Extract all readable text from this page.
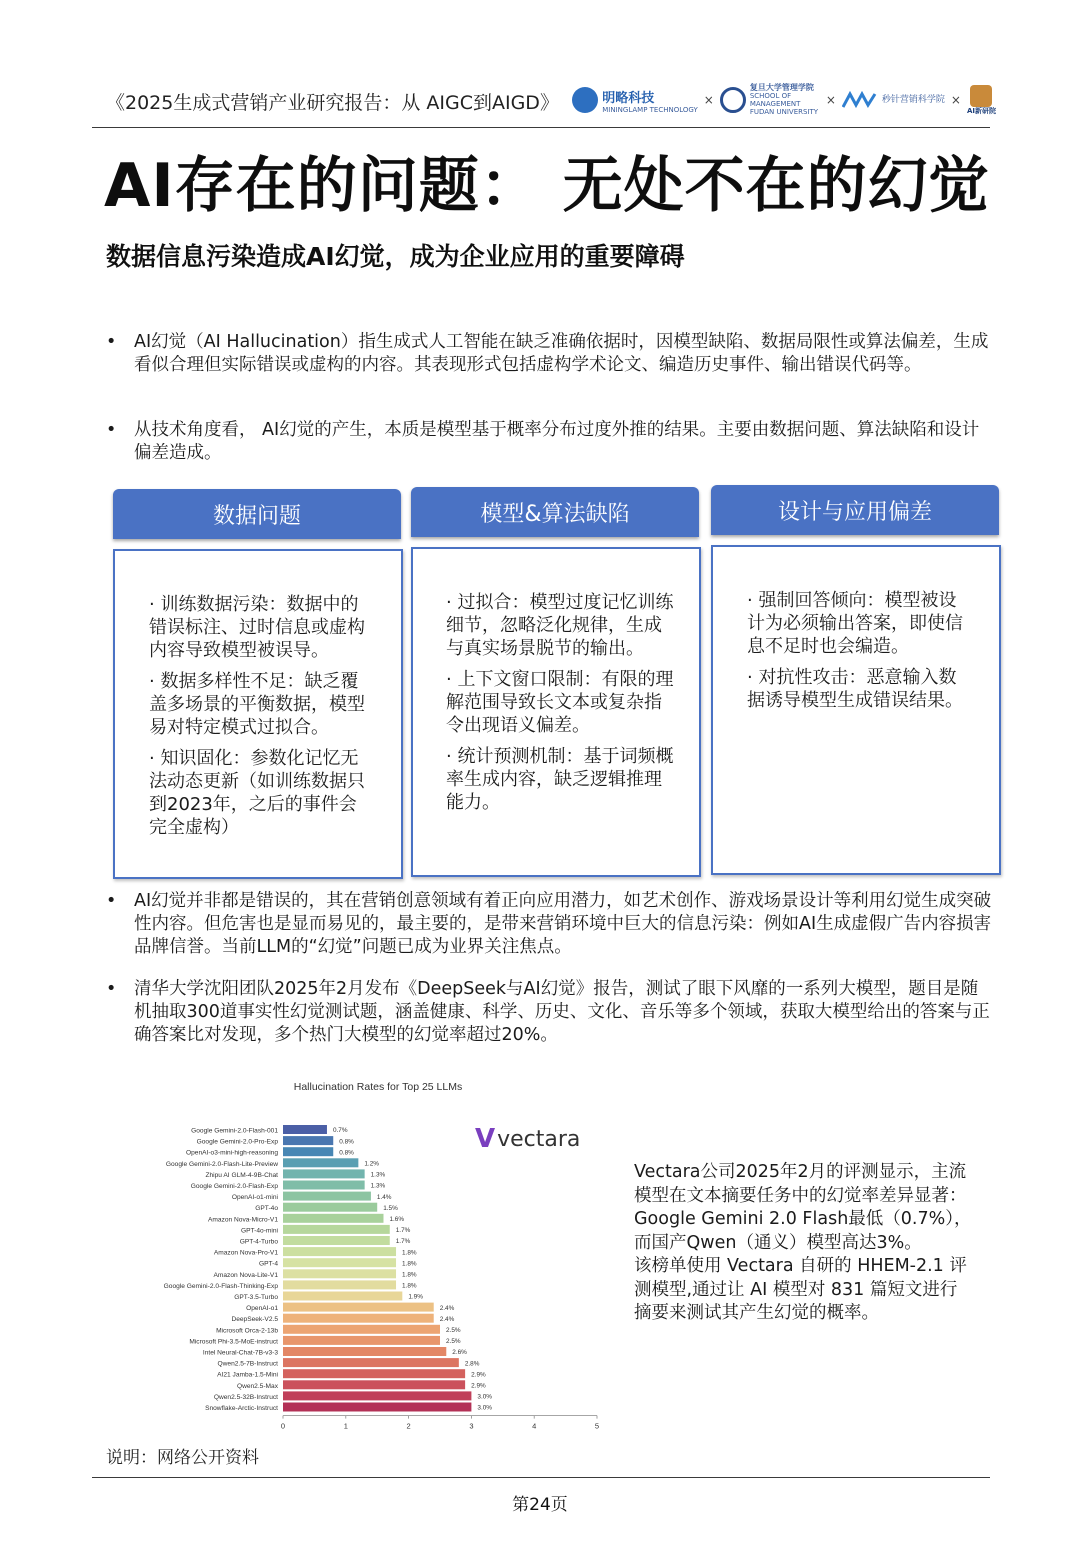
《2025生成式营销产业研究报告：从 AIGC到AIGD》	明略科技
MININGLAMP TECHNOLOGY
×
复旦大学管理学院
SCHOOL OF MANAGEMENT FUDAN UNIVERSITY
×	秒针营销科学院 ×
AI新研院
AI存在的问题： 无处不在的幻觉
数据信息污染造成AI幻觉，成为企业应用的重要障碍
• AI幻觉（AI Hallucination）指生成式人工智能在缺乏准确依据时，因模型缺陷、数据局限性或算法偏差，生成看似合理但实际错误或虚构的内容。其表现形式包括虚构学术论文、编造历史事件、输出错误代码等。
• 从技术角度看， AI幻觉的产生，本质是模型基于概率分布过度外推的结果。主要由数据问题、算法缺陷和设计偏差造成。
数据问题	模型&算法缺陷	设计与应用偏差
· 训练数据污染：数据中的错误标注、过时信息或虚构内容导致模型被误导。
· 数据多样性不足：缺乏覆盖多场景的平衡数据，模型易对特定模式过拟合。
· 知识固化：参数化记忆无法动态更新（如训练数据只到2023年，之后的事件会完全虚构）
· 过拟合：模型过度记忆训练细节，忽略泛化规律，生成与真实场景脱节的输出。
· 上下文窗口限制：有限的理解范围导致长文本或复杂指令出现语义偏差。
· 统计预测机制：基于词频概率生成内容，缺乏逻辑推理能力。
· 强制回答倾向：模型被设计为必须输出答案，即使信息不足时也会编造。
· 对抗性攻击：恶意输入数据诱导模型生成错误结果。
• AI幻觉并非都是错误的，其在营销创意领域有着正向应用潜力，如艺术创作、游戏场景设计等利用幻觉生成突破性内容。但危害也是显而易见的，最主要的，是带来营销环境中巨大的信息污染：例如AI生成虚假广告内容损害品牌信誉。当前LLM的“幻觉”问题已成为业界关注焦点。
• 清华大学沈阳团队2025年2月发布《DeepSeek与AI幻觉》报告，测试了眼下风靡的一系列大模型，题目是随机抽取300道事实性幻觉测试题，涵盖健康、科学、历史、文化、音乐等多个领域，获取大模型给出的答案与正确答案比对发现，多个热门大模型的幻觉率超过20%。
Hallucination Rates for Top 25 LLMs
Google Gemini-2.0-Flash-001	0.7%
Google Gemini-2.0-Pro-Exp	0.8%
OpenAI-o3-mini-high-reasoning	0.8%
Google Gemini-2.0-Flash-Lite-Preview	1.2%
Zhipu AI GLM-4-9B-Chat	1.3%
Google Gemini-2.0-Flash-Exp	1.3%
OpenAI-o1-mini	1.4%
GPT-4o	1.5%
Amazon Nova-Micro-V1	1.6%
GPT-4o-mini	1.7%
GPT-4-Turbo	1.7%
Amazon Nova-Pro-V1	1.8%
GPT-4	1.8%
Amazon Nova-Lite-V1	1.8%
Google Gemini-2.0-Flash-Thinking-Exp	1.8%
GPT-3.5-Turbo	1.9%
OpenAI-o1	2.4%
DeepSeek-V2.5	2.4%
Microsoft Orca-2-13b	2.5%
Microsoft Phi-3.5-MoE-instruct	2.5%
Intel Neural-Chat-7B-v3-3	2.6%
Qwen2.5-7B-Instruct	2.8%
AI21 Jamba-1.5-Mini	2.9%
Qwen2.5-Max	2.9%
Qwen2.5-32B-Instruct	3.0%
Snowflake-Arctic-Instruct	3.0%
0	1	2	3	4	5
V vectara
Vectara公司2025年2月的评测显示，主流模型在文本摘要任务中的幻觉率差异显著：Google Gemini 2.0 Flash最低（0.7%），而国产Qwen（通义）模型高达3%。
该榜单使用 Vectara 自研的 HHEM-2.1 评测模型,通过让 AI 模型对 831 篇短文进行摘要来测试其产生幻觉的概率。
说明：网络公开资料
第24页
